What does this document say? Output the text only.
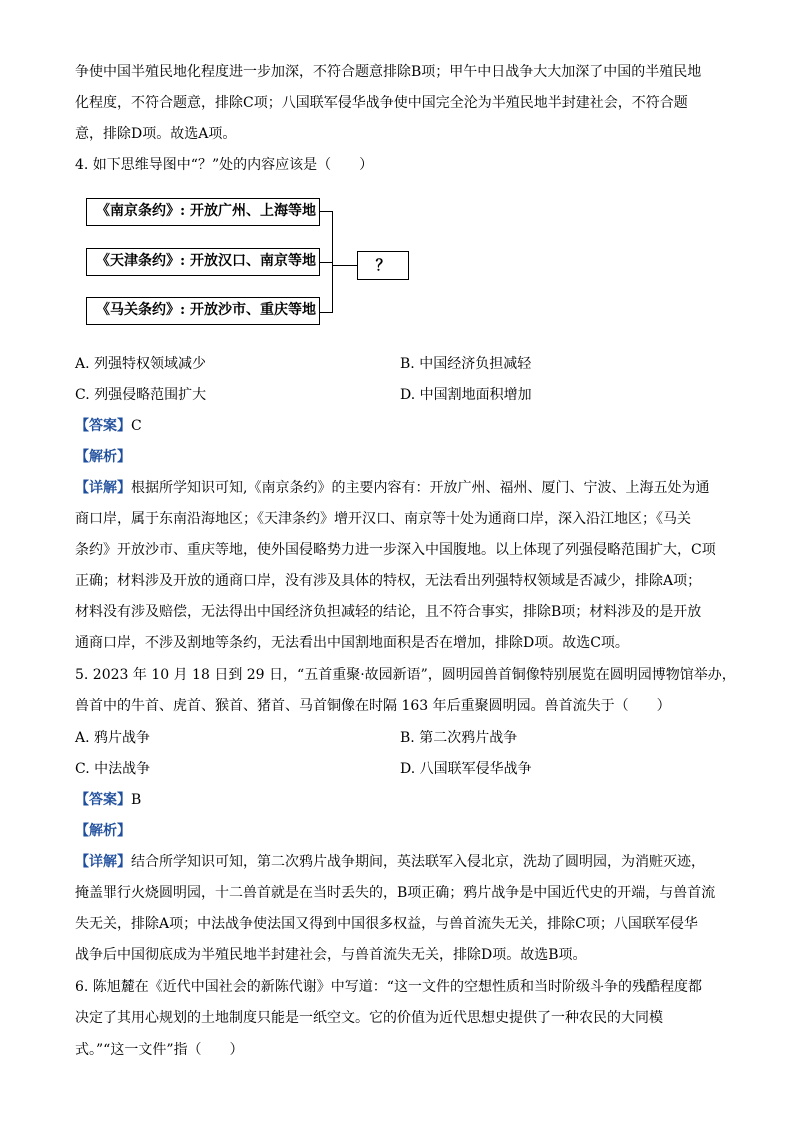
争使中国半殖民地化程度进一步加深，不符合题意排除B项；甲午中日战争大大加深了中国的半殖民地
化程度，不符合题意，排除C项；八国联军侵华战争使中国完全沦为半殖民地半封建社会，不符合题
意，排除D项。故选A项。
4. 如下思维导图中“？”处的内容应该是（　　）
《南京条约》: 开放广州、上海等地
《天津条约》: 开放汉口、南京等地
《马关条约》: 开放沙市、重庆等地
？
A. 列强特权领域减少	B. 中国经济负担减轻
C. 列强侵略范围扩大	D. 中国割地面积增加
【答案】C
【解析】
【详解】根据所学知识可知,《南京条约》的主要内容有：开放广州、福州、厦门、宁波、上海五处为通
商口岸，属于东南沿海地区；《天津条约》增开汉口、南京等十处为通商口岸，深入沿江地区；《马关
条约》开放沙市、重庆等地，使外国侵略势力进一步深入中国腹地。以上体现了列强侵略范围扩大，C项
正确；材料涉及开放的通商口岸，没有涉及具体的特权，无法看出列强特权领域是否减少，排除A项；
材料没有涉及赔偿，无法得出中国经济负担减轻的结论，且不符合事实，排除B项；材料涉及的是开放
通商口岸，不涉及割地等条约，无法看出中国割地面积是否在增加，排除D项。故选C项。
5. 2023 年 10 月 18 日到 29 日，“五首重聚·故园新语”，圆明园兽首铜像特别展览在圆明园博物馆举办，
兽首中的牛首、虎首、猴首、猪首、马首铜像在时隔 163 年后重聚圆明园。兽首流失于（　　）
A. 鸦片战争	B. 第二次鸦片战争
C. 中法战争	D. 八国联军侵华战争
【答案】B
【解析】
【详解】结合所学知识可知，第二次鸦片战争期间，英法联军入侵北京，洗劫了圆明园，为消赃灭迹，
掩盖罪行火烧圆明园，十二兽首就是在当时丢失的，B项正确；鸦片战争是中国近代史的开端，与兽首流
失无关，排除A项；中法战争使法国又得到中国很多权益，与兽首流失无关，排除C项；八国联军侵华
战争后中国彻底成为半殖民地半封建社会，与兽首流失无关，排除D项。故选B项。
6. 陈旭麓在《近代中国社会的新陈代谢》中写道：“这一文件的空想性质和当时阶级斗争的残酷程度都
决定了其用心规划的土地制度只能是一纸空文。它的价值为近代思想史提供了一种农民的大同模
式。”“这一文件”指（　　）
